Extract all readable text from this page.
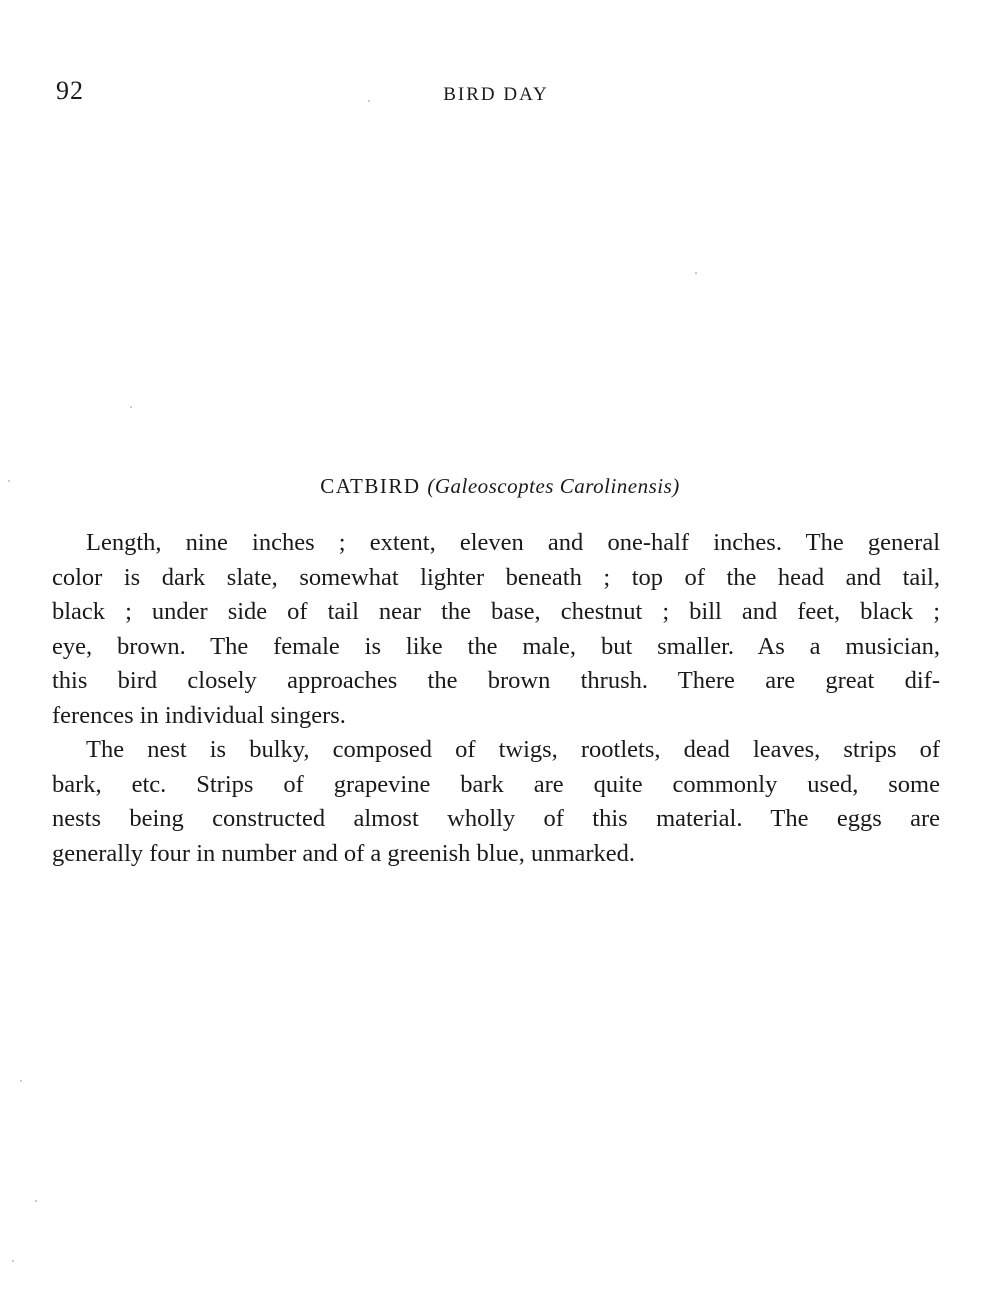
92	BIRD DAY
CATBIRD (Galeoscoptes Carolinensis)

Length, nine inches ; extent, eleven and one-half inches. The general
color is dark slate, somewhat lighter beneath ; top of the head and tail,
black ; under side of tail near the base, chestnut ; bill and feet, black ;
eye, brown. The female is like the male, but smaller. As a musician,
this bird closely approaches the brown thrush. There are great dif-
ferences in individual singers.

The nest is bulky, composed of twigs, rootlets, dead leaves, strips of
bark, etc. Strips of grapevine bark are quite commonly used, some
nests being constructed almost wholly of this material. The eggs are
generally four in number and of a greenish blue, unmarked.
